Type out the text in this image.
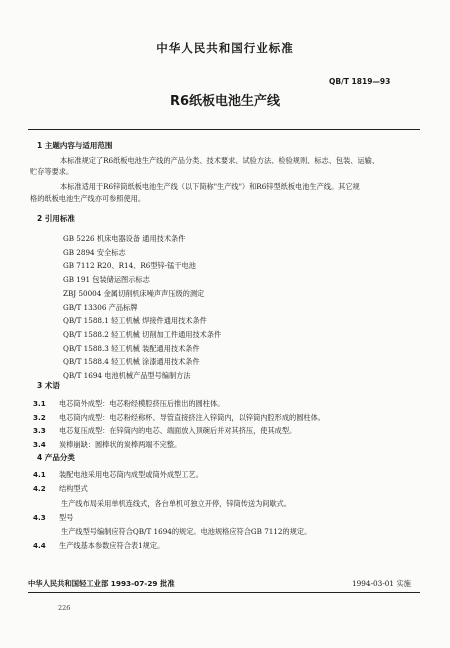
中华人民共和国行业标准
QB/T 1819—93
R6纸板电池生产线
1 主题内容与适用范围
本标准规定了R6纸板电池生产线的产品分类、技术要求、试验方法、检验规则、标志、包装、运输、
贮存等要求。
本标准适用于R6锌筒纸板电池生产线（以下简称"生产线"）和R6锌型纸板电池生产线。其它规
格的纸板电池生产线亦可参照使用。
2 引用标准
GB 5226 机床电器设备 通用技术条件
GB 2894 安全标志
GB 7112 R20、R14、R6型锌-锰干电池
GB 191 包装储运图示标志
ZBJ 50004 金属切削机床噪声声压级的测定
GB/T 13306 产品标牌
QB/T 1588.1 轻工机械 焊接件通用技术条件
QB/T 1588.2 轻工机械 切削加工件通用技术条件
QB/T 1588.3 轻工机械 装配通用技术条件
QB/T 1588.4 轻工机械 涂漆通用技术条件
QB/T 1694 电池机械产品型号编制方法
3 术语
3.1 电芯筒外成型：电芯粉经模腔挤压后推出的圆柱体。
3.2 电芯筒内成型：电芯粉经称杯、导管直接挤注入锌筒内，以锌筒内腔形成的圆柱体。
3.3 电芯复压成型：在锌筒内的电芯、端面放入顶碗后并对其挤压，使其成型。
3.4 炭棒崩缺：圆棒状的炭棒两端不完整。
4 产品分类
4.1 装配电池采用电芯筒内成型或筒外成型工艺。
4.2 结构型式
生产线布局采用单机连线式，各台单机可独立开停，锌筒传送为间歇式。
4.3 型号
生产线型号编制应符合QB/T 1694的规定。电池规格应符合GB 7112的规定。
4.4 生产线基本参数应符合表1规定。
中华人民共和国轻工业部 1993-07-29 批准	1994-03-01 实施
226
